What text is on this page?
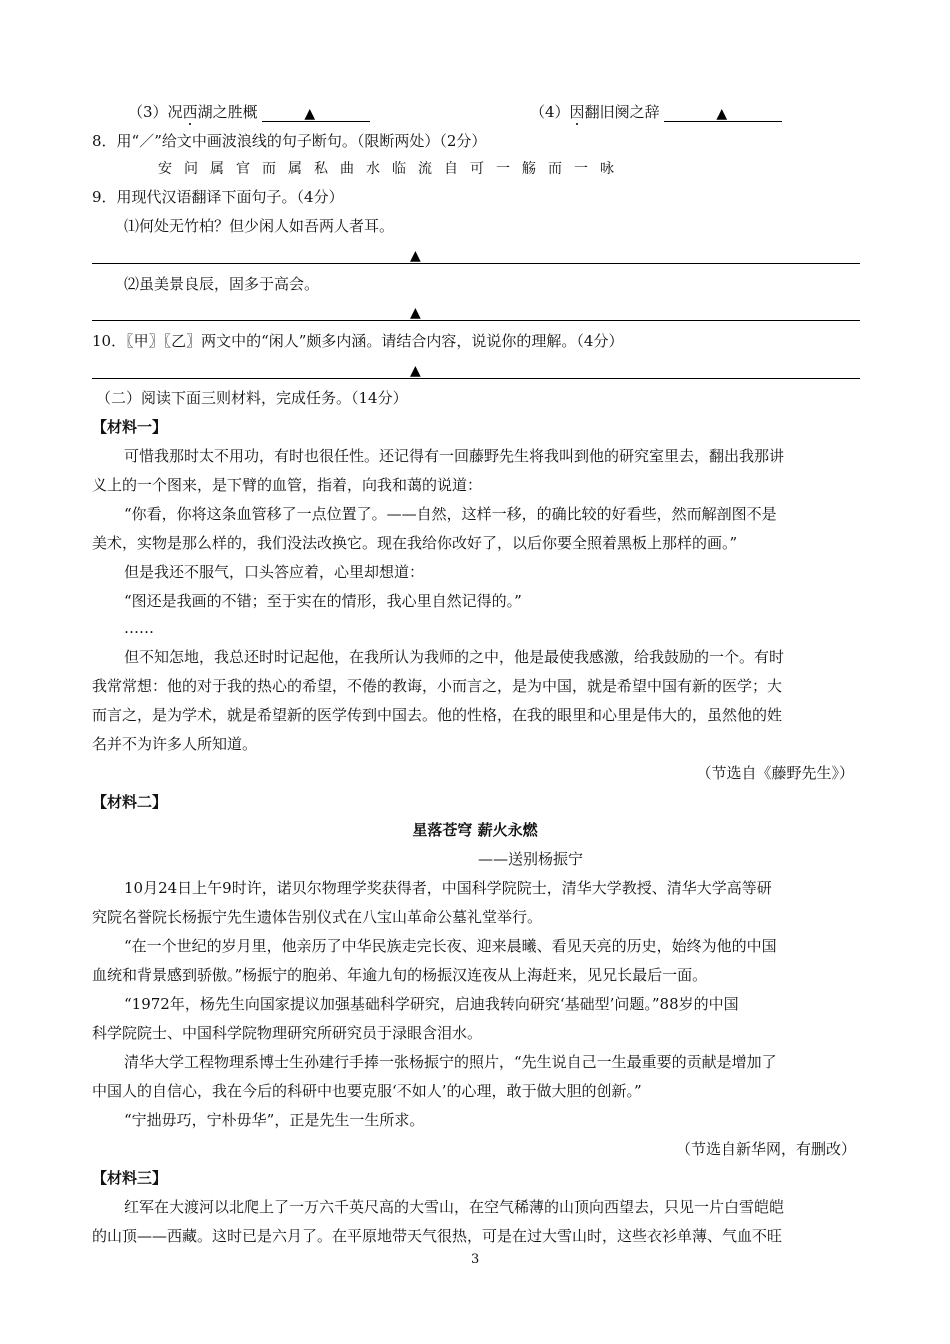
（3）况西湖之胜概	▲	（4）因翻旧阕之辞	▲
8．用“／”给文中画波浪线的句子断句。（限断两处）（2分）
安问属官而属私曲水临流自可一觞而一咏
9．用现代汉语翻译下面句子。（4分）
⑴何处无竹柏？但少闲人如吾两人者耳。
▲
⑵虽美景良辰，固多于高会。
▲
10．〖甲〗〖乙〗两文中的“闲人”颇多内涵。请结合内容，说说你的理解。（4分）
▲
（二）阅读下面三则材料，完成任务。（14分）
【材料一】
可惜我那时太不用功，有时也很任性。还记得有一回藤野先生将我叫到他的研究室里去，翻出我那讲
义上的一个图来，是下臂的血管，指着，向我和蔼的说道：
“你看，你将这条血管移了一点位置了。——自然，这样一移，的确比较的好看些，然而解剖图不是
美术，实物是那么样的，我们没法改换它。现在我给你改好了，以后你要全照着黑板上那样的画。”
但是我还不服气，口头答应着，心里却想道：
“图还是我画的不错；至于实在的情形，我心里自然记得的。”
……
但不知怎地，我总还时时记起他，在我所认为我师的之中，他是最使我感激，给我鼓励的一个。有时
我常常想：他的对于我的热心的希望，不倦的教诲，小而言之，是为中国，就是希望中国有新的医学；大
而言之，是为学术，就是希望新的医学传到中国去。他的性格，在我的眼里和心里是伟大的，虽然他的姓
名并不为许多人所知道。
（节选自《藤野先生》）
【材料二】
星落苍穹 薪火永燃
——送别杨振宁
10月24日上午9时许，诺贝尔物理学奖获得者，中国科学院院士，清华大学教授、清华大学高等研
究院名誉院长杨振宁先生遗体告别仪式在八宝山革命公墓礼堂举行。
“在一个世纪的岁月里，他亲历了中华民族走完长夜、迎来晨曦、看见天亮的历史，始终为他的中国
血统和背景感到骄傲。”杨振宁的胞弟、年逾九旬的杨振汉连夜从上海赶来，见兄长最后一面。
“1972年，杨先生向国家提议加强基础科学研究，启迪我转向研究‘基础型’问题。”88岁的中国
科学院院士、中国科学院物理研究所研究员于渌眼含泪水。
清华大学工程物理系博士生孙建行手捧一张杨振宁的照片，“先生说自己一生最重要的贡献是增加了
中国人的自信心，我在今后的科研中也要克服‘不如人’的心理，敢于做大胆的创新。”
“宁拙毋巧，宁朴毋华”，正是先生一生所求。
（节选自新华网，有删改）
【材料三】
红军在大渡河以北爬上了一万六千英尺高的大雪山，在空气稀薄的山顶向西望去，只见一片白雪皑皑
的山顶——西藏。这时已是六月了。在平原地带天气很热，可是在过大雪山时，这些衣衫单薄、气血不旺
3
